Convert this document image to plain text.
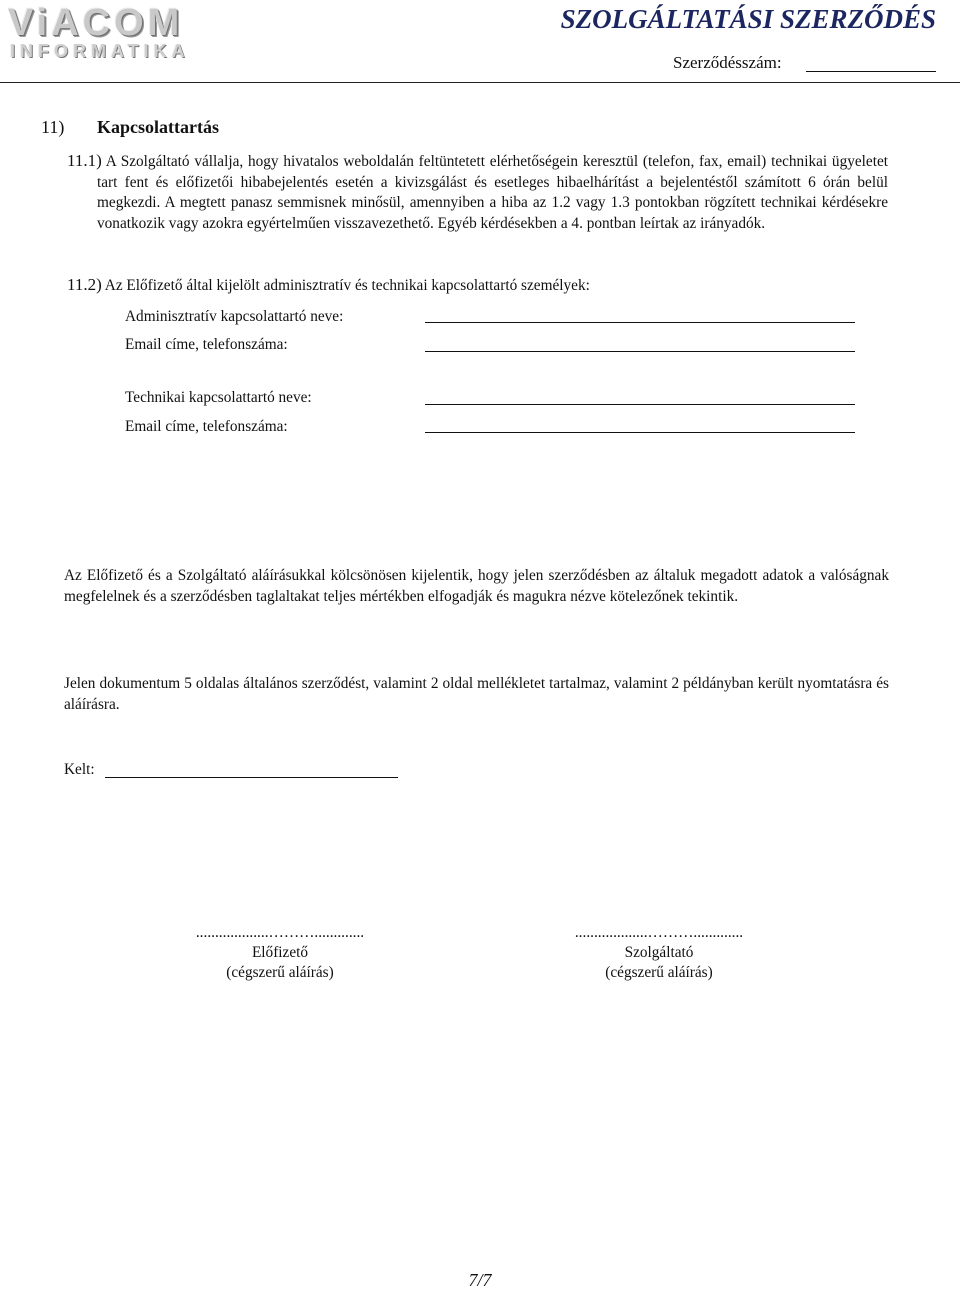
ViACOM
INFORMATIKA
SZOLGÁLTATÁSI SZERZŐDÉS
Szerződésszám:
11) Kapcsolattartás
11.1) A Szolgáltató vállalja, hogy hivatalos weboldalán feltüntetett elérhetőségein keresztül (telefon, fax, email) technikai ügyeletet tart fent és előfizetői hibabejelentés esetén a kivizsgálást és esetleges hibaelhárítást a bejelentéstől számított 6 órán belül megkezdi. A megtett panasz semmisnek minősül, amennyiben a hiba az 1.2 vagy 1.3 pontokban rögzített technikai kérdésekre vonatkozik vagy azokra egyértelműen visszavezethető. Egyéb kérdésekben a 4. pontban leírtak az irányadók.
11.2) Az Előfizető által kijelölt adminisztratív és technikai kapcsolattartó személyek:
Adminisztratív kapcsolattartó neve:
Email címe, telefonszáma:
Technikai kapcsolattartó neve:
Email címe, telefonszáma:
Az Előfizető és a Szolgáltató aláírásukkal kölcsönösen kijelentik, hogy jelen szerződésben az általuk megadott adatok a valóságnak megfelelnek és a szerződésben taglaltakat teljes mértékben elfogadják és magukra nézve kötelezőnek tekintik.
Jelen dokumentum 5 oldalas általános szerződést, valamint 2 oldal mellékletet tartalmaz, valamint 2 példányban került nyomtatásra és aláírásra.
Kelt:
...................……….............
Előfizető
(cégszerű aláírás)
...................……….............
Szolgáltató
(cégszerű aláírás)
7/7
